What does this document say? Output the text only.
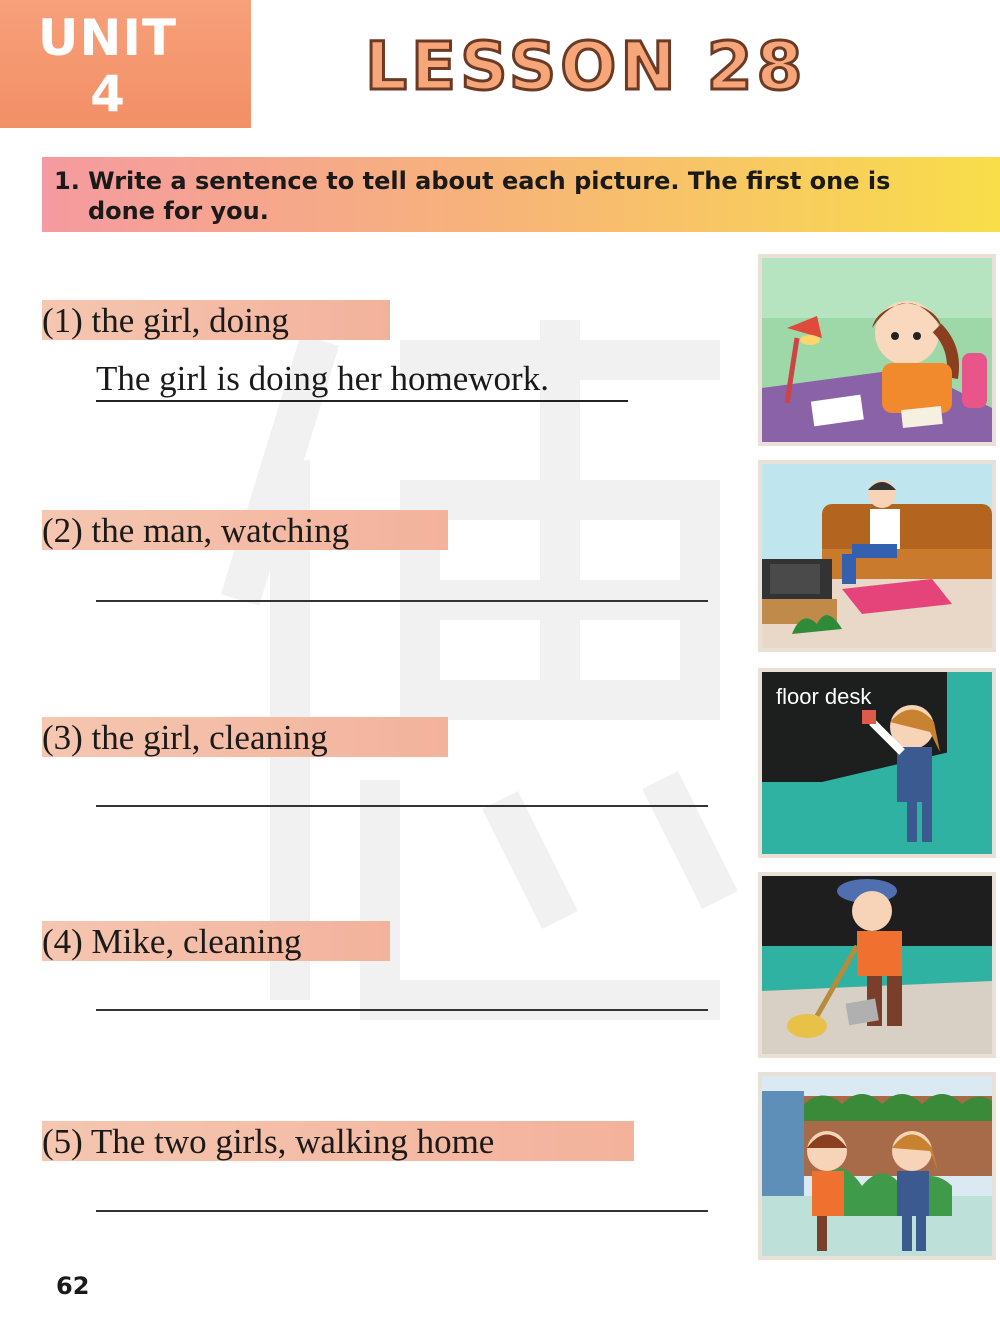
UNIT
4	LESSON 28
1. Write a sentence to tell about each picture. The first one is
done for you.
(1) the girl, doing
The girl is doing her homework.
(2) the man, watching
(3) the girl, cleaning
(4) Mike, cleaning
(5) The two girls, walking home
floor desk
62
